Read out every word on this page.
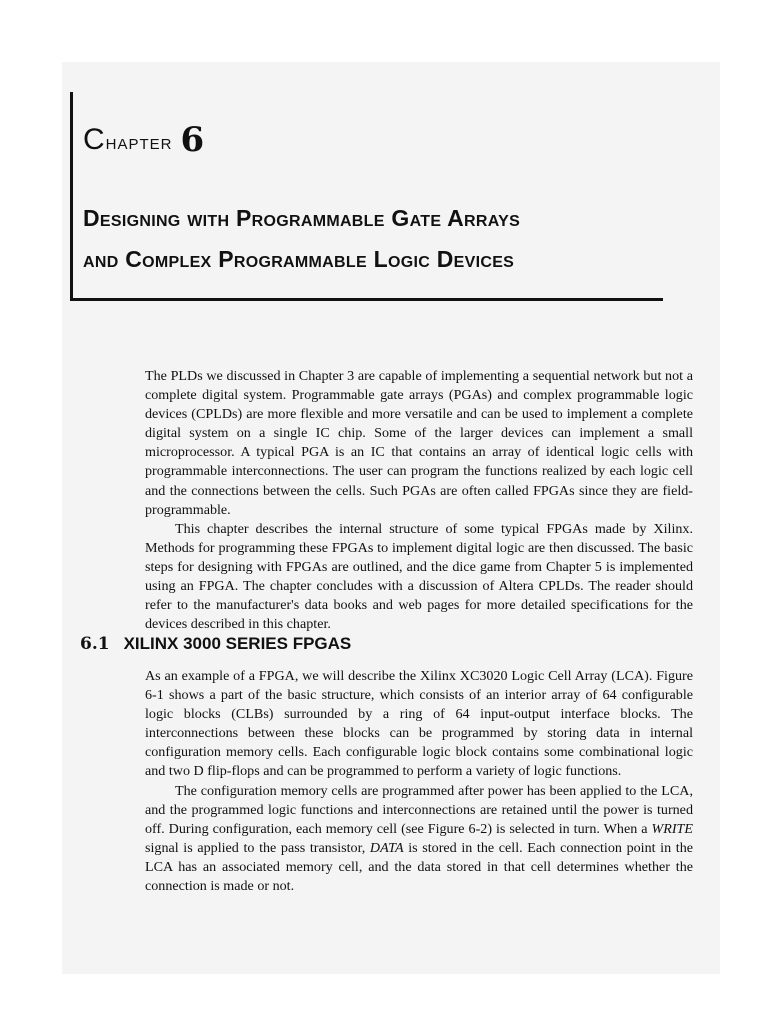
Chapter 6
Designing with Programmable Gate Arrays
and Complex Programmable Logic Devices

The PLDs we discussed in Chapter 3 are capable of implementing a sequential network but not a complete digital system. Programmable gate arrays (PGAs) and complex programmable logic devices (CPLDs) are more flexible and more versatile and can be used to implement a complete digital system on a single IC chip. Some of the larger devices can implement a small microprocessor. A typical PGA is an IC that contains an array of identical logic cells with programmable interconnections. The user can program the functions realized by each logic cell and the connections between the cells. Such PGAs are often called FPGAs since they are field-programmable.

This chapter describes the internal structure of some typical FPGAs made by Xilinx. Methods for programming these FPGAs to implement digital logic are then discussed. The basic steps for designing with FPGAs are outlined, and the dice game from Chapter 5 is implemented using an FPGA. The chapter concludes with a discussion of Altera CPLDs. The reader should refer to the manufacturer's data books and web pages for more detailed specifications for the devices described in this chapter.

6.1 XILINX 3000 SERIES FPGAS

As an example of a FPGA, we will describe the Xilinx XC3020 Logic Cell Array (LCA). Figure 6-1 shows a part of the basic structure, which consists of an interior array of 64 configurable logic blocks (CLBs) surrounded by a ring of 64 input-output interface blocks. The interconnections between these blocks can be programmed by storing data in internal configuration memory cells. Each configurable logic block contains some combinational logic and two D flip-flops and can be programmed to perform a variety of logic functions.

The configuration memory cells are programmed after power has been applied to the LCA, and the programmed logic functions and interconnections are retained until the power is turned off. During configuration, each memory cell (see Figure 6-2) is selected in turn. When a WRITE signal is applied to the pass transistor, DATA is stored in the cell. Each connection point in the LCA has an associated memory cell, and the data stored in that cell determines whether the connection is made or not.
